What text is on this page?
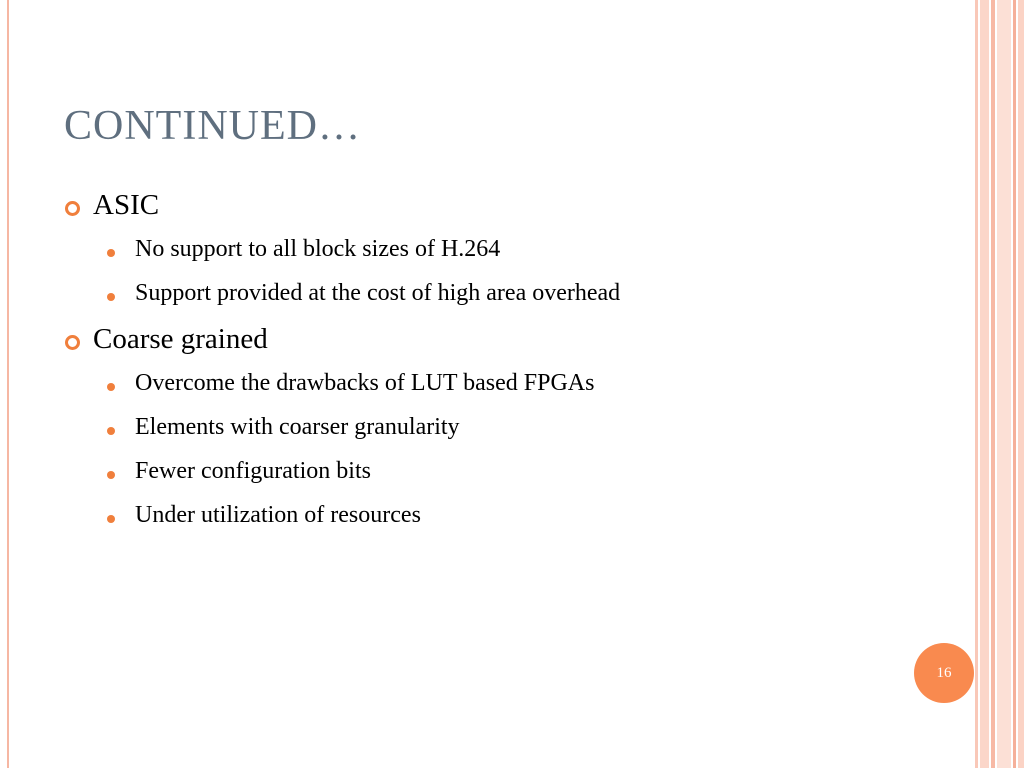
CONTINUED…
ASIC
No support to all block sizes of H.264
Support provided at the cost of high area overhead
Coarse grained
Overcome the drawbacks of LUT based FPGAs
Elements with coarser granularity
Fewer configuration bits
Under utilization of resources
16
